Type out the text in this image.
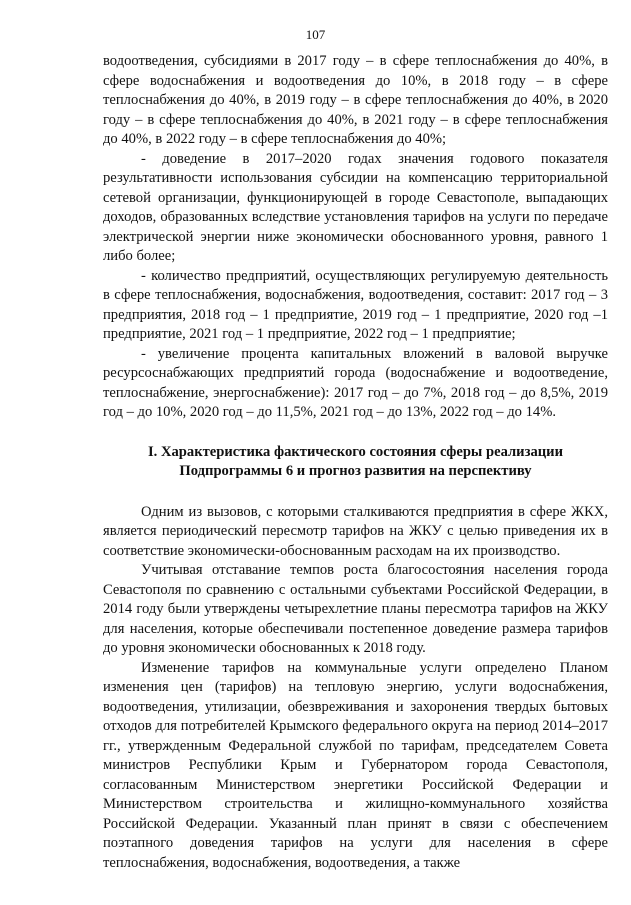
107

водоотведения, субсидиями в 2017 году – в сфере теплоснабжения до 40%, в сфере водоснабжения и водоотведения до 10%, в 2018 году – в сфере теплоснабжения до 40%, в 2019 году – в сфере теплоснабжения до 40%, в 2020 году – в сфере теплоснабжения до 40%, в 2021 году – в сфере теплоснабжения до 40%, в 2022 году – в сфере теплоснабжения до 40%;

- доведение в 2017–2020 годах значения годового показателя результативности использования субсидии на компенсацию территориальной сетевой организации, функционирующей в городе Севастополе, выпадающих доходов, образованных вследствие установления тарифов на услуги по передаче электрической энергии ниже экономически обоснованного уровня, равного 1 либо более;

- количество предприятий, осуществляющих регулируемую деятельность в сфере теплоснабжения, водоснабжения, водоотведения, составит: 2017 год – 3 предприятия, 2018 год – 1 предприятие, 2019 год – 1 предприятие, 2020 год –1 предприятие, 2021 год – 1 предприятие, 2022 год – 1 предприятие;

- увеличение процента капитальных вложений в валовой выручке ресурсоснабжающих предприятий города (водоснабжение и водоотведение, теплоснабжение, энергоснабжение): 2017 год – до 7%, 2018 год – до 8,5%, 2019 год – до 10%, 2020 год – до 11,5%, 2021 год – до 13%, 2022 год – до 14%.

I. Характеристика фактического состояния сферы реализации
Подпрограммы 6 и прогноз развития на перспективу

Одним из вызовов, с которыми сталкиваются предприятия в сфере ЖКХ, является периодический пересмотр тарифов на ЖКУ с целью приведения их в соответствие экономически-обоснованным расходам на их производство.

Учитывая отставание темпов роста благосостояния населения города Севастополя по сравнению с остальными субъектами Российской Федерации, в 2014 году были утверждены четырехлетние планы пересмотра тарифов на ЖКУ для населения, которые обеспечивали постепенное доведение размера тарифов до уровня экономически обоснованных к 2018 году.

Изменение тарифов на коммунальные услуги определено Планом изменения цен (тарифов) на тепловую энергию, услуги водоснабжения, водоотведения, утилизации, обезвреживания и захоронения твердых бытовых отходов для потребителей Крымского федерального округа на период 2014–2017 гг., утвержденным Федеральной службой по тарифам, председателем Совета министров Республики Крым и Губернатором города Севастополя, согласованным Министерством энергетики Российской Федерации и Министерством строительства и жилищно-коммунального хозяйства Российской Федерации. Указанный план принят в связи с обеспечением поэтапного доведения тарифов на услуги для населения в сфере теплоснабжения, водоснабжения, водоотведения, а также
